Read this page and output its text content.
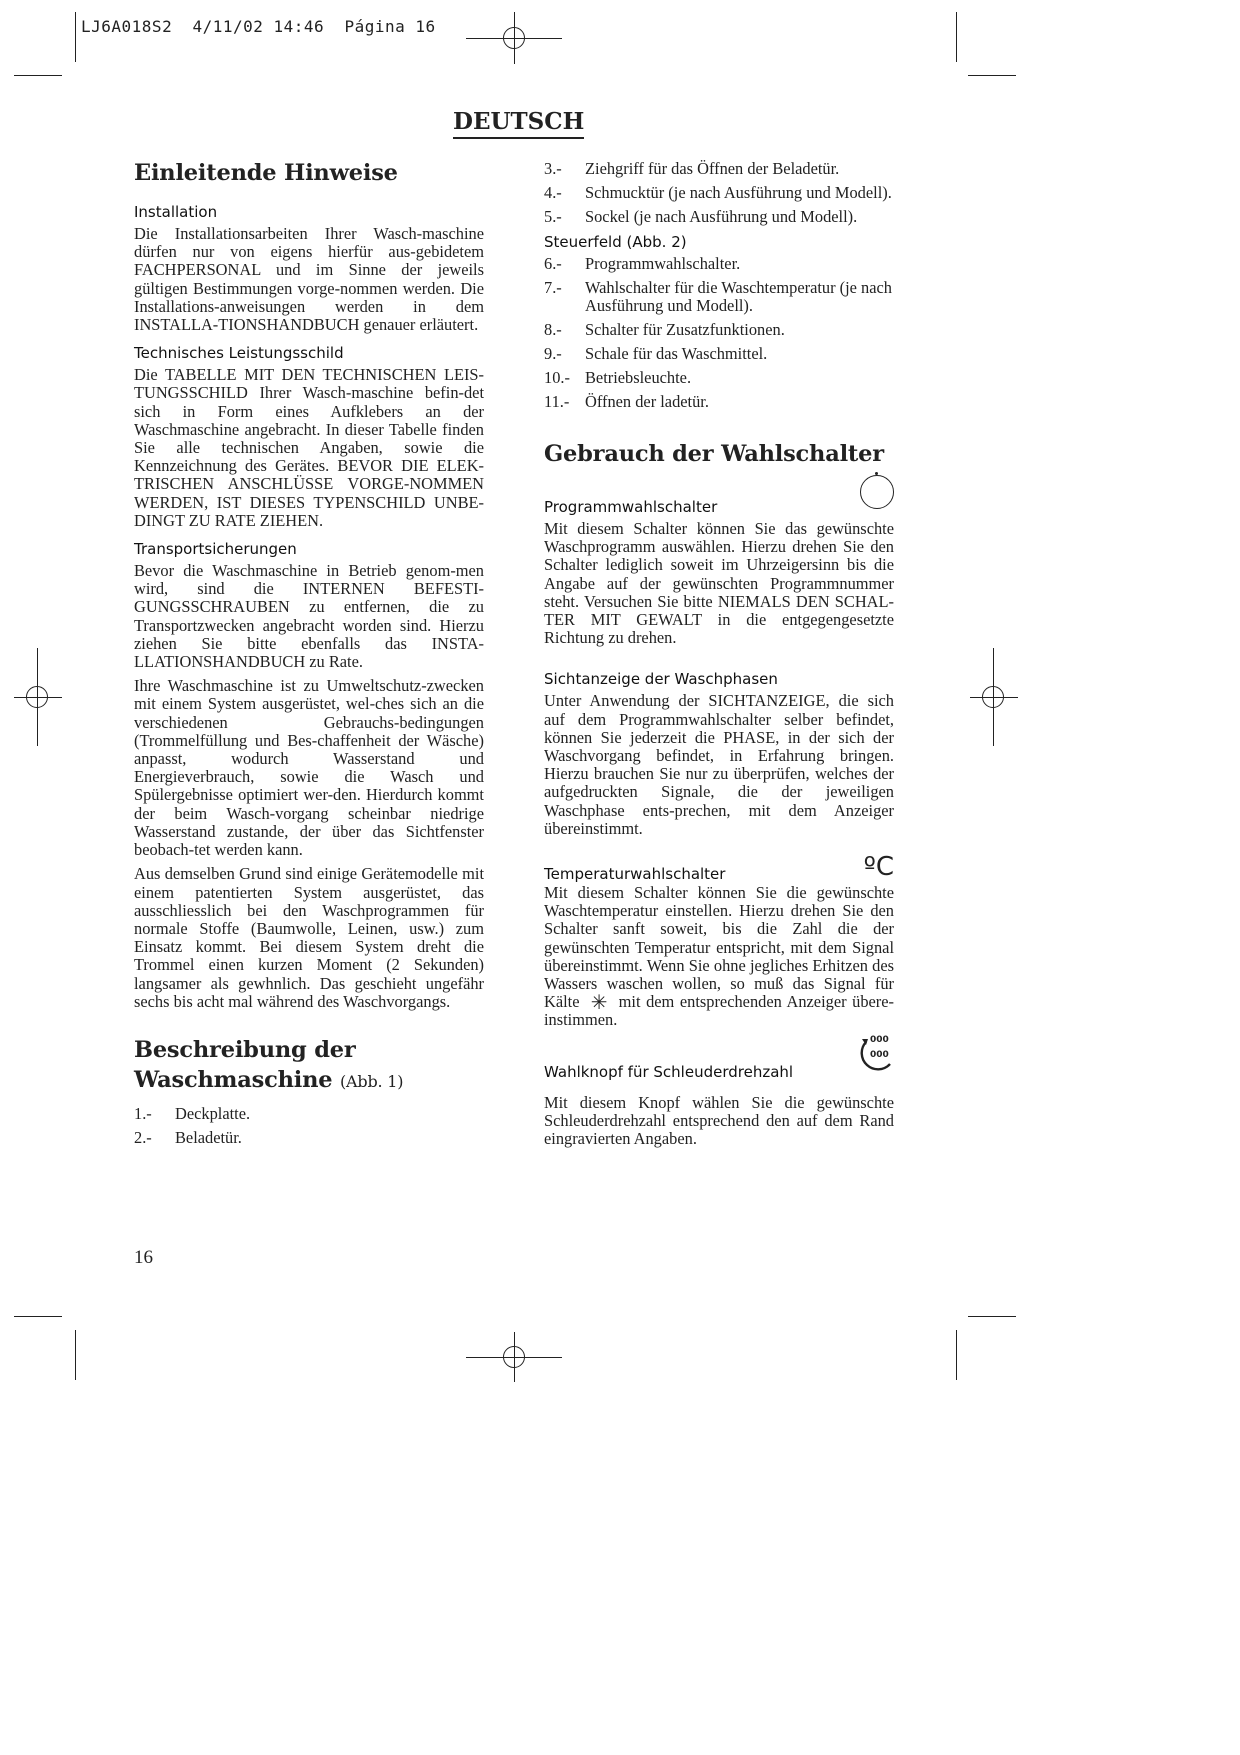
LJ6A018S2  4/11/02 14:46  Página 16
DEUTSCH
Einleitende Hinweise
Installation

Die Installationsarbeiten Ihrer Wasch-maschine dürfen nur von eigens hierfür aus-gebidetem FACHPERSONAL und im Sinne der jeweils gültigen Bestimmungen vorge-nommen werden. Die Installations-anweisungen werden in dem INSTALLA-TIONSHANDBUCH genauer erläutert.

Technisches Leistungsschild

Die TABELLE MIT DEN TECHNISCHEN LEIS-TUNGSSCHILD Ihrer Wasch-maschine befin-det sich in Form eines Aufklebers an der Waschmaschine angebracht. In dieser Tabelle finden Sie alle technischen Angaben, sowie die Kennzeichnung des Gerätes. BEVOR DIE ELEK-TRISCHEN ANSCHLÜSSE VORGE-NOMMEN WERDEN, IST DIESES TYPENSCHILD UNBE-DINGT ZU RATE ZIEHEN.

Transportsicherungen

Bevor die Waschmaschine in Betrieb genom-men wird, sind die INTERNEN BEFESTI-GUNGSSCHRAUBEN zu entfernen, die zu Transportzwecken angebracht worden sind. Hierzu ziehen Sie bitte ebenfalls das INSTA-LLATIONSHANDBUCH zu Rate.

Ihre Waschmaschine ist zu Umweltschutz-zwecken mit einem System ausgerüstet, wel-ches sich an die verschiedenen Gebrauchs-bedingungen (Trommelfüllung und Bes-chaffenheit der Wäsche) anpasst, wodurch Wasserstand und Energieverbrauch, sowie die Wasch und Spülergebnisse optimiert wer-den. Hierdurch kommt der beim Wasch-vorgang scheinbar niedrige Wasserstand zustande, der über das Sichtfenster beobach-tet werden kann.

Aus demselben Grund sind einige Gerätemodelle mit einem patentierten System ausgerüstet, das ausschliesslich bei den Waschprogrammen für normale Stoffe (Baumwolle, Leinen, usw.) zum Einsatz kommt. Bei diesem System dreht die Trommel einen kurzen Moment (2 Sekunden) langsamer als gewhnlich. Das geschieht ungefähr sechs bis acht mal während des Waschvorgangs.

Beschreibung der
Waschmaschine (Abb. 1)
1.-	Deckplatte.
2.-	Beladetür.
3.-	Ziehgriff für das Öffnen der Beladetür.
4.-	Schmucktür (je nach Ausführung und Modell).
5.-	Sockel (je nach Ausführung und Modell).
Steuerfeld (Abb. 2)
6.-	Programmwahlschalter.
7.-	Wahlschalter für die Waschtemperatur (je nach Ausführung und Modell).
8.-	Schalter für Zusatzfunktionen.
9.-	Schale für das Waschmittel.
10.- Betriebsleuchte.
11.- Öffnen der ladetür.
Gebrauch der Wahlschalter
Programmwahlschalter

Mit diesem Schalter können Sie das gewünschte Waschprogramm auswählen. Hierzu drehen Sie den Schalter lediglich soweit im Uhrzeigersinn bis die Angabe auf der gewünschten Programmnummer steht. Versuchen Sie bitte NIEMALS DEN SCHAL-TER MIT GEWALT in die entgegengesetzte Richtung zu drehen.

Sichtanzeige der Waschphasen

Unter Anwendung der SICHTANZEIGE, die sich auf dem Programmwahlschalter selber befindet, können Sie jederzeit die PHASE, in der sich der Waschvorgang befindet, in Erfahrung bringen. Hierzu brauchen Sie nur zu überprüfen, welches der aufgedruckten Signale, die der jeweiligen Waschphase ents-prechen, mit dem Anzeiger übereinstimmt.

ºC
Temperaturwahlschalter

Mit diesem Schalter können Sie die gewünschte Waschtemperatur einstellen. Hierzu drehen Sie den Schalter sanft soweit, bis die Zahl die der gewünschten Temperatur entspricht, mit dem Signal übereinstimmt. Wenn Sie ohne jegliches Erhitzen des Wassers waschen wollen, so muß das Signal für Kälte ✳ mit dem entsprechenden Anzeiger übere-instimmen.

000
000
Wahlknopf für Schleuderdrehzahl

Mit diesem Knopf wählen Sie die gewünschte Schleuderdrehzahl entsprechend den auf dem Rand eingravierten Angaben.

16
